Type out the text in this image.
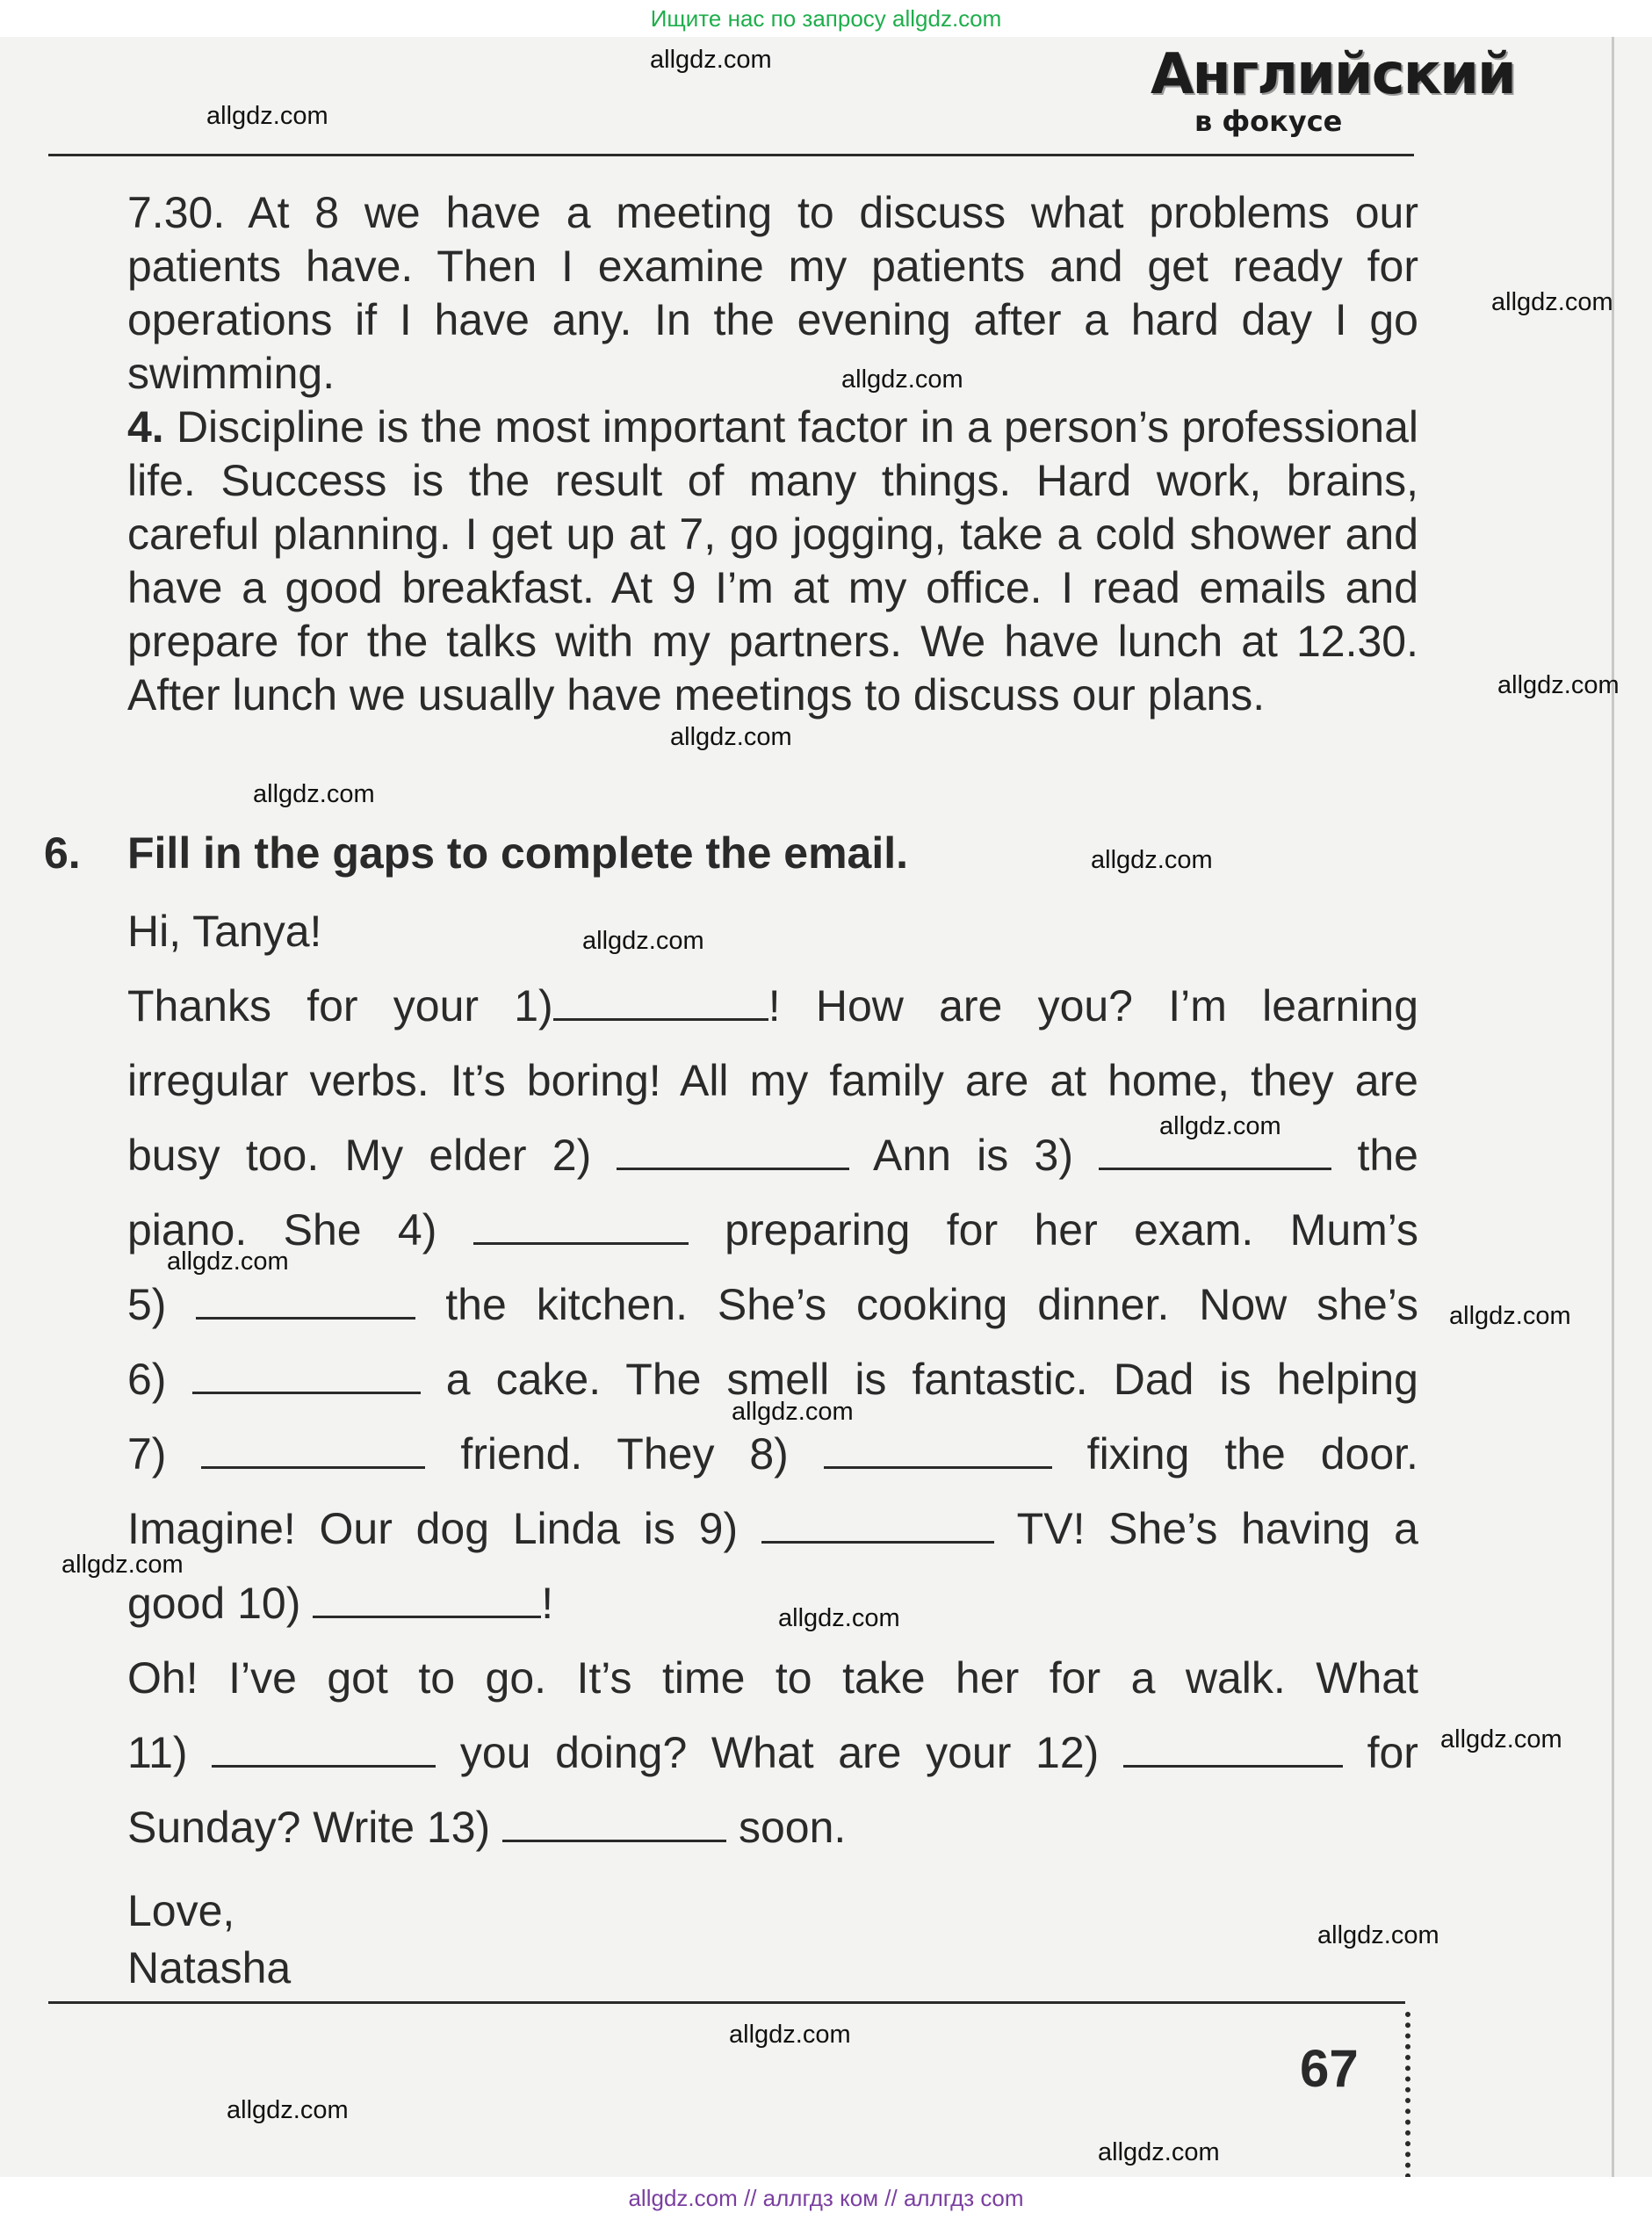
Ищите нас по запросу allgdz.com
Английский
в фокусе

7.30. At 8 we have a meeting to discuss what problems our patients have. Then I examine my patients and get ready for operations if I have any. In the evening after a hard day I go swimming.

4. Discipline is the most important factor in a person’s professional life. Success is the result of many things. Hard work, brains, careful planning. I get up at 7, go jogging, take a cold shower and have a good breakfast. At 9 I’m at my office. I read emails and prepare for the talks with my partners. We have lunch at 12.30. After lunch we usually have meetings to discuss our plans.

6. Fill in the gaps to complete the email.
Hi, Tanya!
Thanks for your 1)	! How are you? I’m learning
irregular verbs. It’s boring! All my family are at home, they are
busy too. My elder 2)	Ann is 3)	the
piano. She 4)	preparing for her exam. Mum’s
5)	the kitchen. She’s cooking dinner. Now she’s
6)	a cake. The smell is fantastic. Dad is helping
7)	friend. They 8)	fixing the door.
Imagine! Our dog Linda is 9)	TV! She’s having a
good 10)	!
Oh! I’ve got to go. It’s time to take her for a walk. What
11)	you doing? What are your 12)	for
Sunday? Write 13)	soon.
Love,
Natasha
67
allgdz.com
allgdz.com
allgdz.com
allgdz.com
allgdz.com
allgdz.com
allgdz.com
allgdz.com
allgdz.com
allgdz.com
allgdz.com
allgdz.com
allgdz.com
allgdz.com
allgdz.com
allgdz.com
allgdz.com
allgdz.com
allgdz.com
allgdz.com
allgdz.com // аллгдз ком // аллгдз com
